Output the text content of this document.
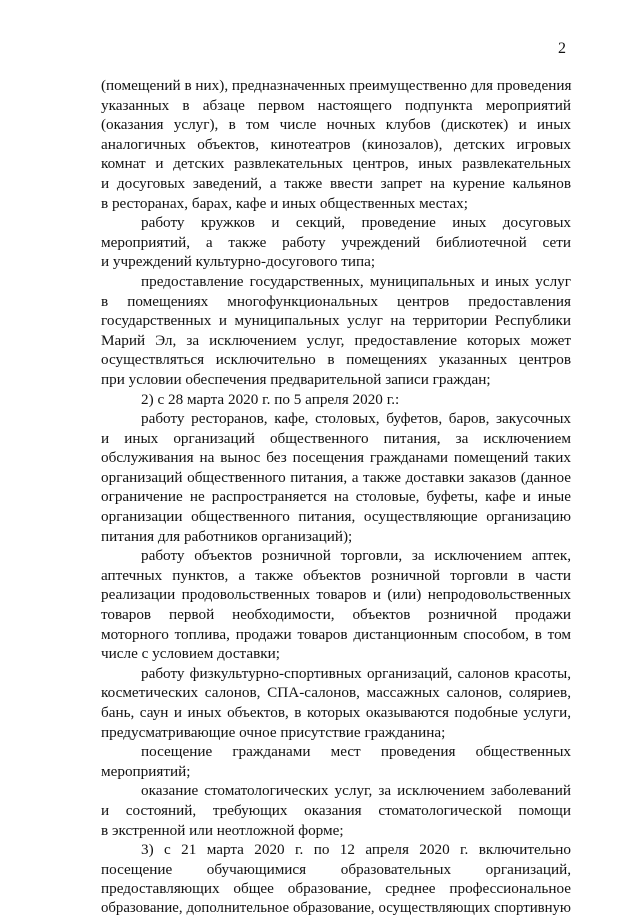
2
(помещений в них), предназначенных преимущественно для проведения
указанных в абзаце первом настоящего подпункта мероприятий
(оказания услуг), в том числе ночных клубов (дискотек) и иных
аналогичных объектов, кинотеатров (кинозалов), детских игровых
комнат и детских развлекательных центров, иных развлекательных
и досуговых заведений, а также ввести запрет на курение кальянов
в ресторанах, барах, кафе и иных общественных местах;
работу кружков и секций, проведение иных досуговых
мероприятий, а также работу учреждений библиотечной сети
и учреждений культурно-досугового типа;
предоставление государственных, муниципальных и иных услуг
в помещениях многофункциональных центров предоставления
государственных и муниципальных услуг на территории Республики
Марий Эл, за исключением услуг, предоставление которых может
осуществляться исключительно в помещениях указанных центров
при условии обеспечения предварительной записи граждан;
2) с 28 марта 2020 г. по 5 апреля 2020 г.:
работу ресторанов, кафе, столовых, буфетов, баров, закусочных
и иных организаций общественного питания, за исключением
обслуживания на вынос без посещения гражданами помещений таких
организаций общественного питания, а также доставки заказов (данное
ограничение не распространяется на столовые, буфеты, кафе и иные
организации общественного питания, осуществляющие организацию
питания для работников организаций);
работу объектов розничной торговли, за исключением аптек,
аптечных пунктов, а также объектов розничной торговли в части
реализации продовольственных товаров и (или) непродовольственных
товаров первой необходимости, объектов розничной продажи
моторного топлива, продажи товаров дистанционным способом, в том
числе с условием доставки;
работу физкультурно-спортивных организаций, салонов красоты,
косметических салонов, СПА-салонов, массажных салонов, соляриев,
бань, саун и иных объектов, в которых оказываются подобные услуги,
предусматривающие очное присутствие гражданина;
посещение гражданами мест проведения общественных
мероприятий;
оказание стоматологических услуг, за исключением заболеваний
и состояний, требующих оказания стоматологической помощи
в экстренной или неотложной форме;
3) с 21 марта 2020 г. по 12 апреля 2020 г. включительно
посещение обучающимися образовательных организаций,
предоставляющих общее образование, среднее профессиональное
образование, дополнительное образование, осуществляющих спортивную
